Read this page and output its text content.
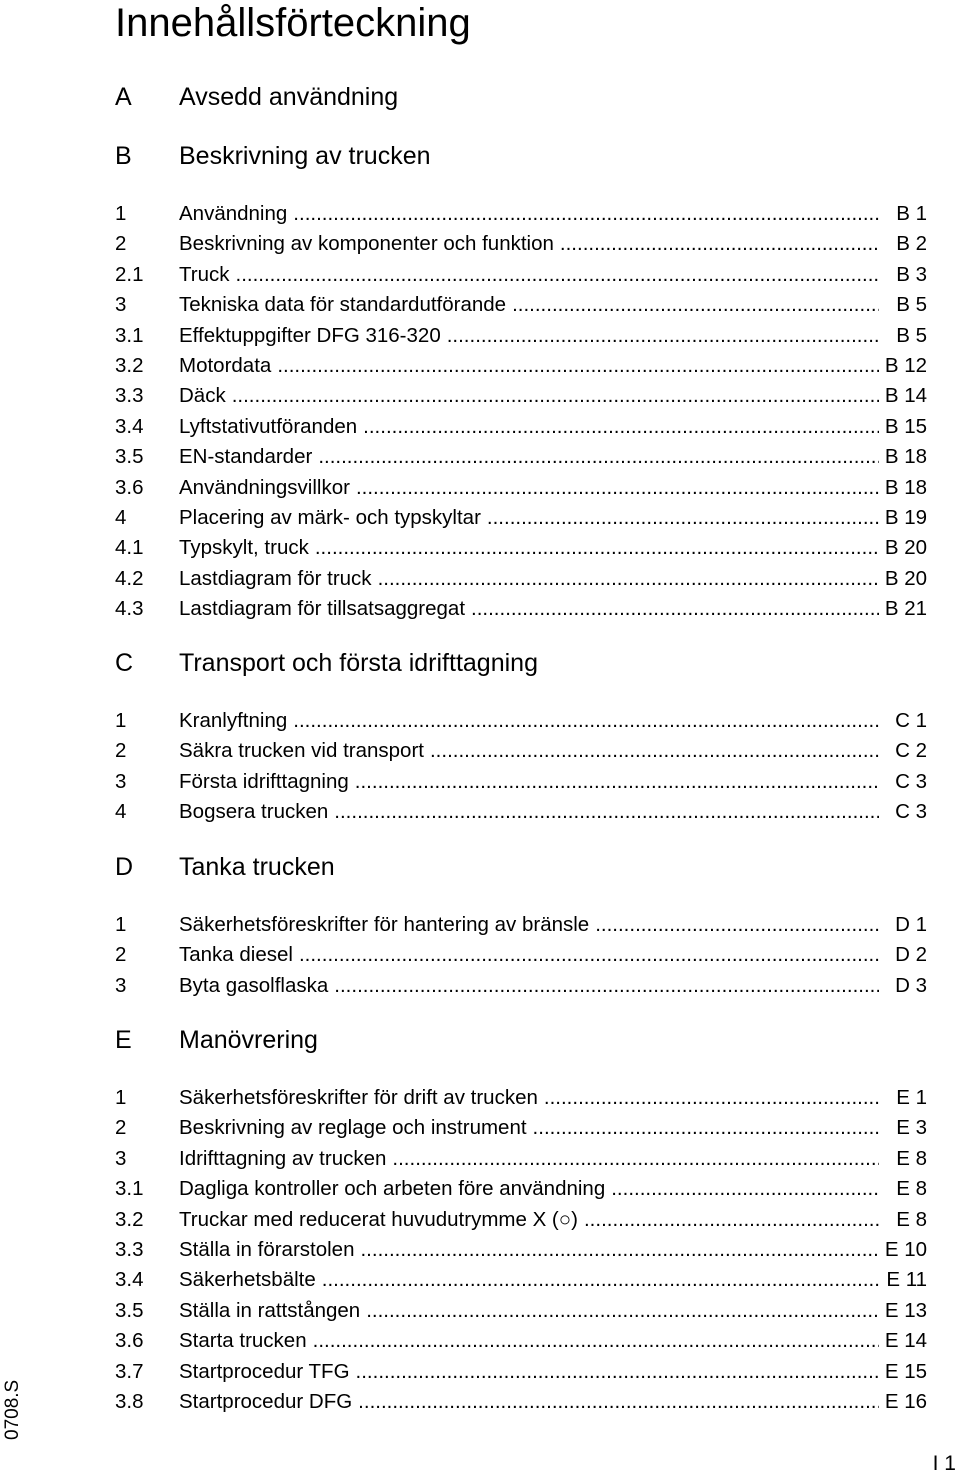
Innehållsförteckning
A	Avsedd användning
B	Beskrivning av trucken
1	Användning .....	B 1
2	Beskrivning av komponenter och funktion .....	B 2
2.1	Truck .....	B 3
3	Tekniska data för standardutförande .....	B 5
3.1	Effektuppgifter DFG 316-320 .....	B 5
3.2	Motordata .....	B 12
3.3	Däck .....	B 14
3.4	Lyftstativutföranden .....	B 15
3.5	EN-standarder .....	B 18
3.6	Användningsvillkor .....	B 18
4	Placering av märk- och typskyltar .....	B 19
4.1	Typskylt, truck .....	B 20
4.2	Lastdiagram för truck .....	B 20
4.3	Lastdiagram för tillsatsaggregat .....	B 21
C	Transport och första idrifttagning
1	Kranlyftning .....	C 1
2	Säkra trucken vid transport .....	C 2
3	Första idrifttagning .....	C 3
4	Bogsera trucken .....	C 3
D	Tanka trucken
1	Säkerhetsföreskrifter för hantering av bränsle .....	D 1
2	Tanka diesel .....	D 2
3	Byta gasolflaska .....	D 3
E	Manövrering
1	Säkerhetsföreskrifter för drift av trucken .....	E 1
2	Beskrivning av reglage och instrument .....	E 3
3	Idrifttagning av trucken .....	E 8
3.1	Dagliga kontroller och arbeten före användning .....	E 8
3.2	Truckar med reducerat huvudutrymme X (○) .....	E 8
3.3	Ställa in förarstolen .....	E 10
3.4	Säkerhetsbälte .....	E 11
3.5	Ställa in rattstången .....	E 13
3.6	Starta trucken .....	E 14
3.7	Startprocedur TFG .....	E 15
3.8	Startprocedur DFG .....	E 16
0708.S
I 1
